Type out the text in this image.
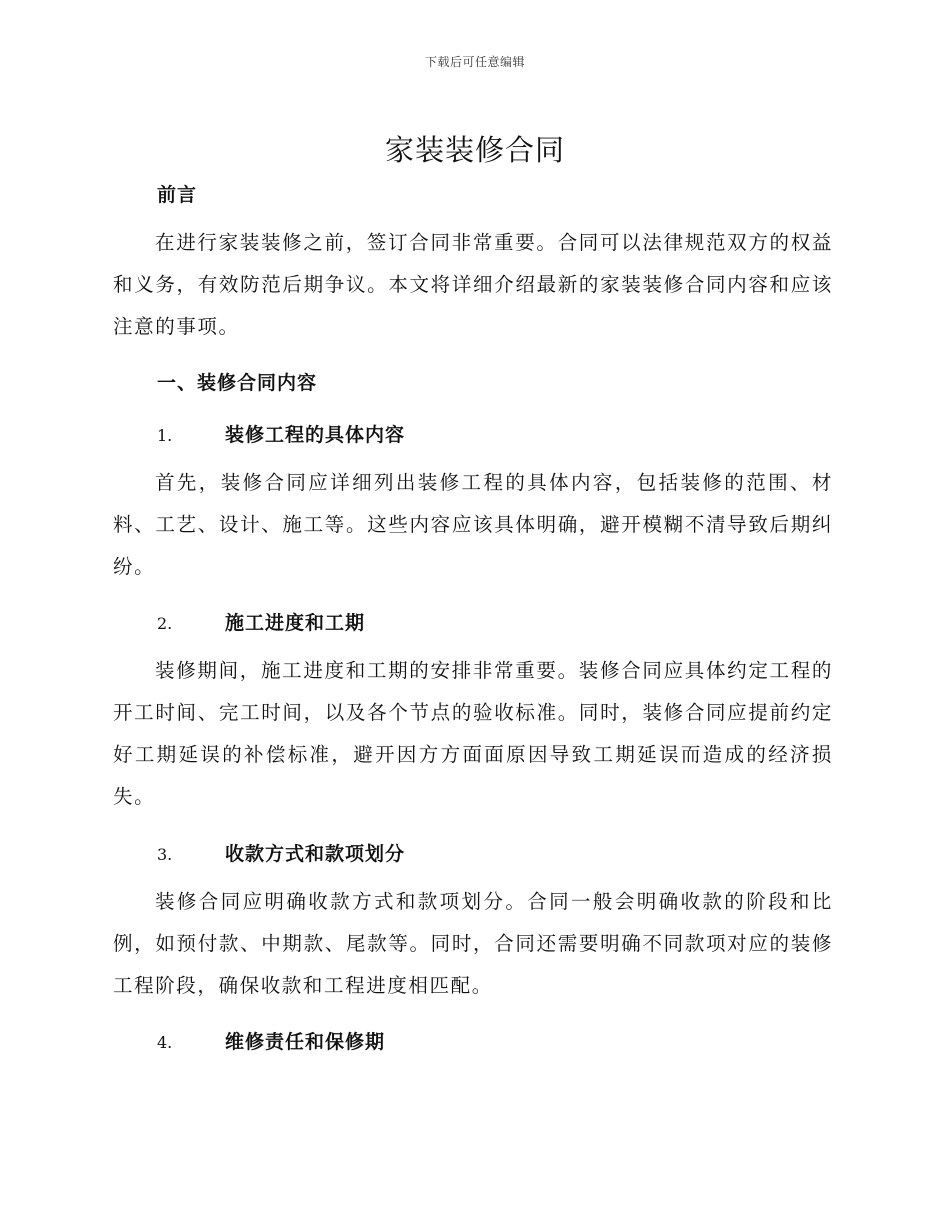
下载后可任意编辑
家装装修合同
前言
在进行家装装修之前，签订合同非常重要。合同可以法律规范双方的权益和义务，有效防范后期争议。本文将详细介绍最新的家装装修合同内容和应该注意的事项。
一、装修合同内容
1.	装修工程的具体内容
首先，装修合同应详细列出装修工程的具体内容，包括装修的范围、材料、工艺、设计、施工等。这些内容应该具体明确，避开模糊不清导致后期纠纷。
2.	施工进度和工期
装修期间，施工进度和工期的安排非常重要。装修合同应具体约定工程的开工时间、完工时间，以及各个节点的验收标准。同时，装修合同应提前约定好工期延误的补偿标准，避开因方方面面原因导致工期延误而造成的经济损失。
3.	收款方式和款项划分
装修合同应明确收款方式和款项划分。合同一般会明确收款的阶段和比例，如预付款、中期款、尾款等。同时，合同还需要明确不同款项对应的装修工程阶段，确保收款和工程进度相匹配。
4.	维修责任和保修期
